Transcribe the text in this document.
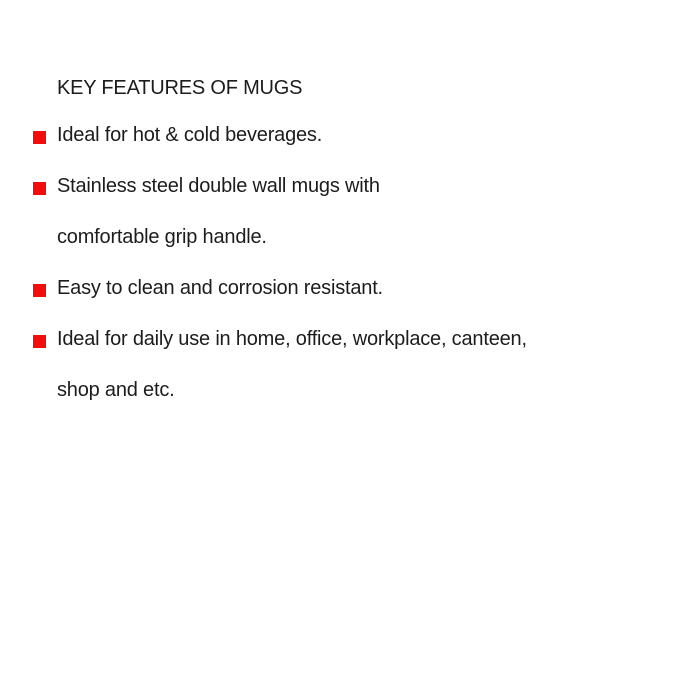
KEY FEATURES OF MUGS
Ideal for hot & cold beverages.
Stainless steel double wall mugs with
comfortable grip handle.
Easy to clean and corrosion resistant.
Ideal for daily use in home, office, workplace, canteen,
shop and etc.
